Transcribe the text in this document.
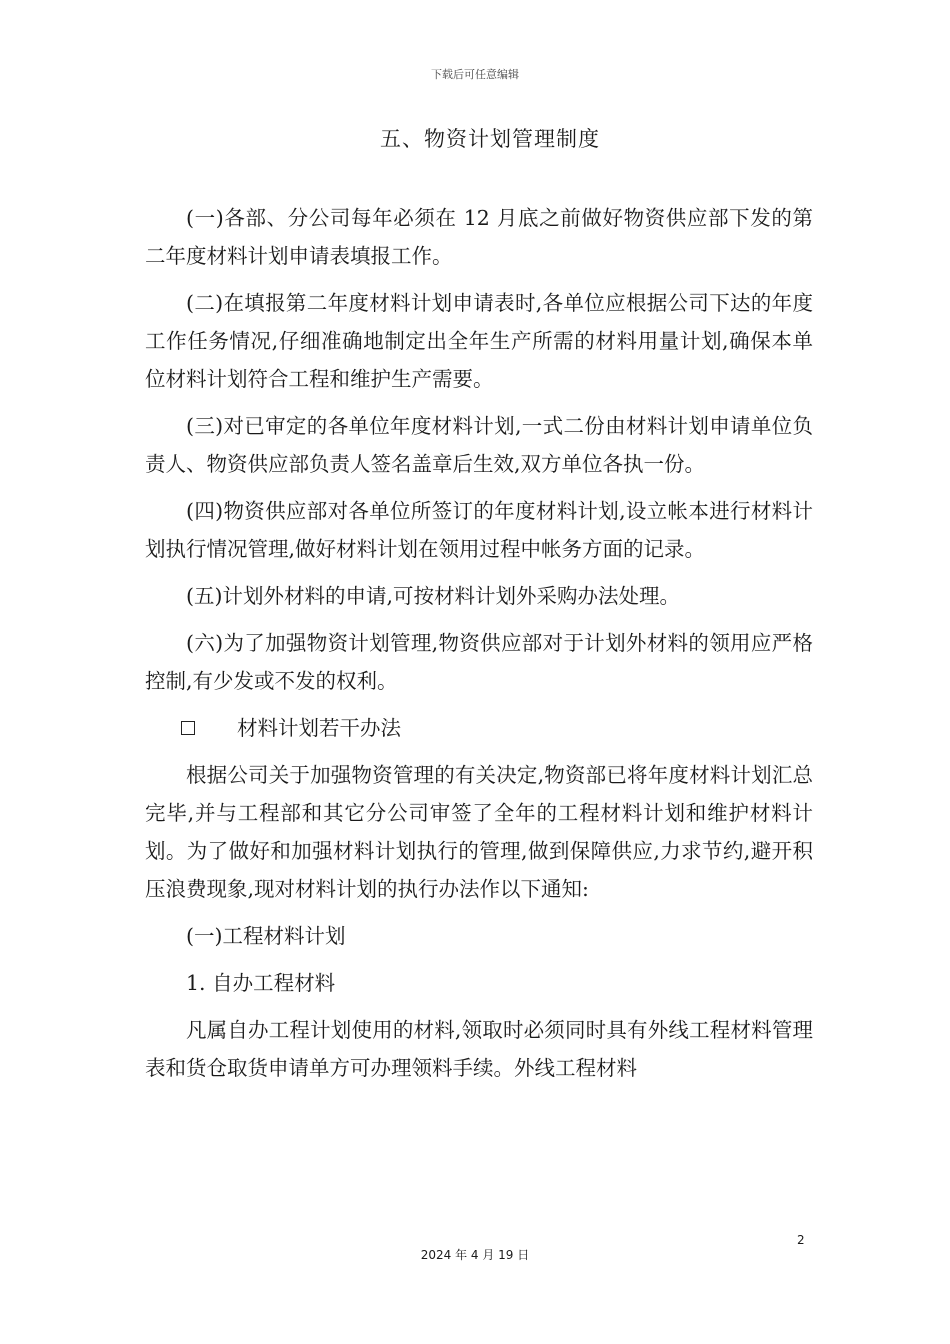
下载后可任意编辑
五、物资计划管理制度

(一)各部、分公司每年必须在 12 月底之前做好物资供应部下发的第二年度材料计划申请表填报工作。

(二)在填报第二年度材料计划申请表时,各单位应根据公司下达的年度工作任务情况,仔细准确地制定出全年生产所需的材料用量计划,确保本单位材料计划符合工程和维护生产需要。

(三)对已审定的各单位年度材料计划,一式二份由材料计划申请单位负责人、物资供应部负责人签名盖章后生效,双方单位各执一份。

(四)物资供应部对各单位所签订的年度材料计划,设立帐本进行材料计划执行情况管理,做好材料计划在领用过程中帐务方面的记录。

(五)计划外材料的申请,可按材料计划外采购办法处理。

(六)为了加强物资计划管理,物资供应部对于计划外材料的领用应严格控制,有少发或不发的权利。

材料计划若干办法

根据公司关于加强物资管理的有关决定,物资部已将年度材料计划汇总完毕,并与工程部和其它分公司审签了全年的工程材料计划和维护材料计划。为了做好和加强材料计划执行的管理,做到保障供应,力求节约,避开积压浪费现象,现对材料计划的执行办法作以下通知:

(一)工程材料计划

1. 自办工程材料

凡属自办工程计划使用的材料,领取时必须同时具有外线工程材料管理表和货仓取货申请单方可办理领料手续。外线工程材料

2
2024 年 4 月 19 日
